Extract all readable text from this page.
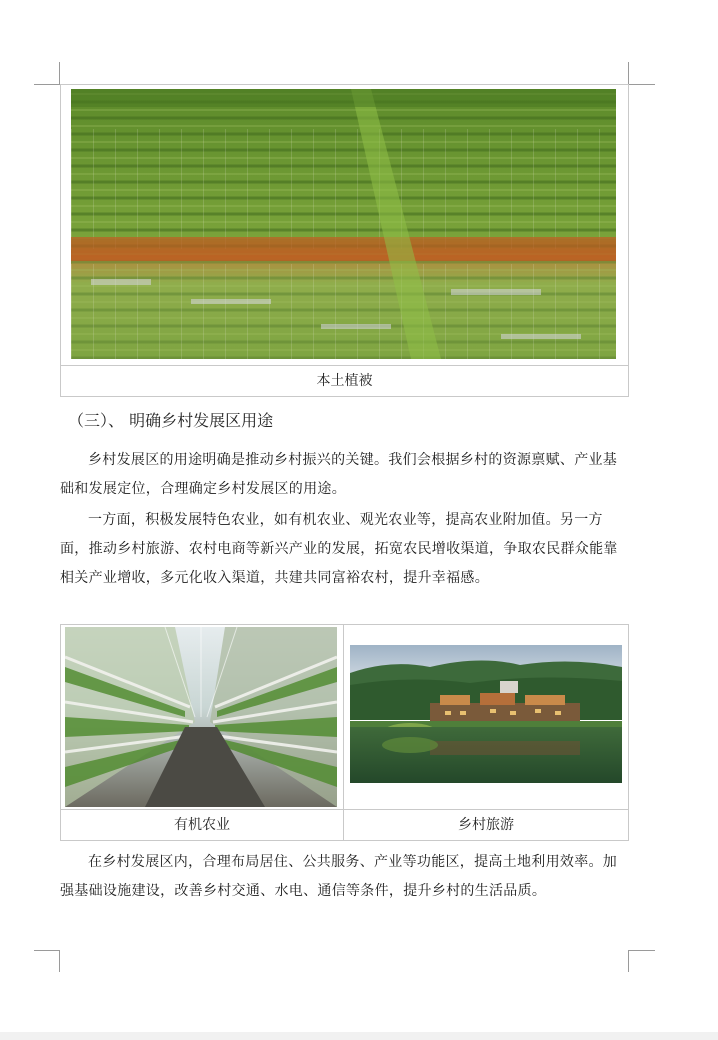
本土植被
（三）、 明确乡村发展区用途

乡村发展区的用途明确是推动乡村振兴的关键。我们会根据乡村的资源禀赋、产业基础和发展定位，合理确定乡村发展区的用途。

一方面，积极发展特色农业，如有机农业、观光农业等，提高农业附加值。另一方面，推动乡村旅游、农村电商等新兴产业的发展，拓宽农民增收渠道，争取农民群众能靠相关产业增收，多元化收入渠道，共建共同富裕农村，提升幸福感。

有机农业	乡村旅游

在乡村发展区内，合理布局居住、公共服务、产业等功能区，提高土地利用效率。加强基础设施建设，改善乡村交通、水电、通信等条件，提升乡村的生活品质。
